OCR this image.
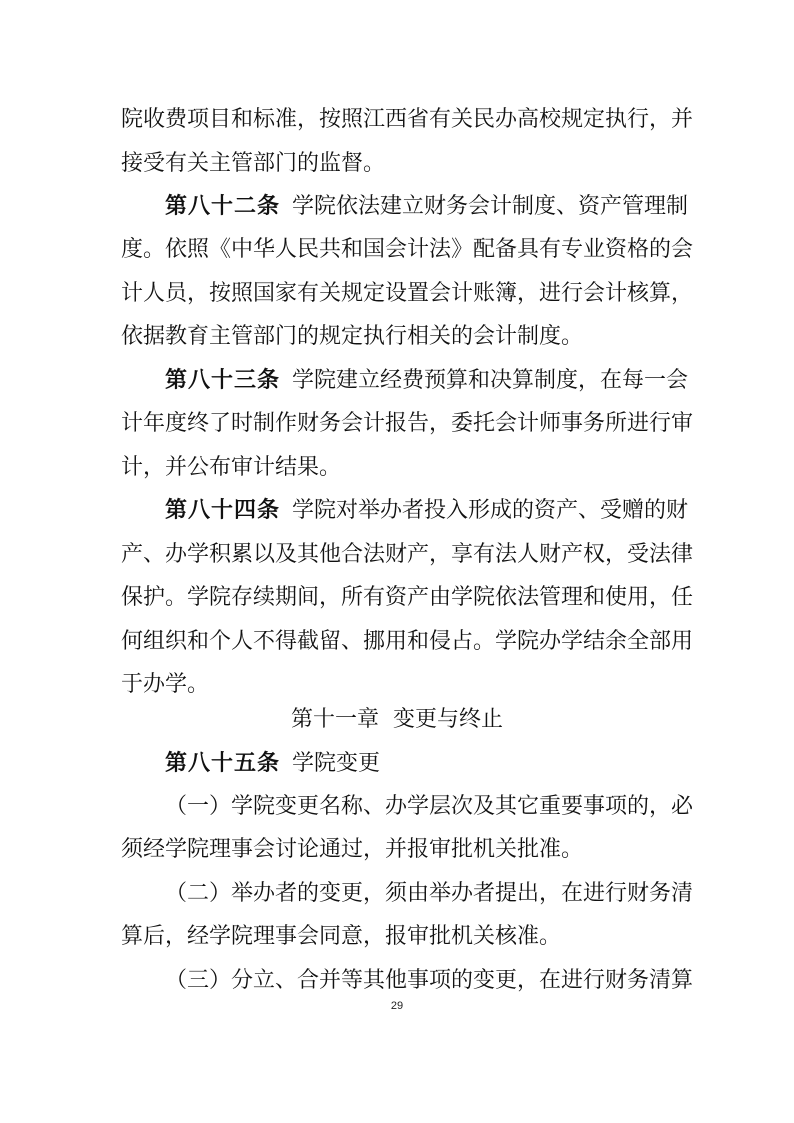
院收费项目和标准，按照江西省有关民办高校规定执行，并
接受有关主管部门的监督。
第八十二条 学院依法建立财务会计制度、资产管理制
度。依照《中华人民共和国会计法》配备具有专业资格的会
计人员，按照国家有关规定设置会计账簿，进行会计核算，
依据教育主管部门的规定执行相关的会计制度。
第八十三条 学院建立经费预算和决算制度，在每一会
计年度终了时制作财务会计报告，委托会计师事务所进行审
计，并公布审计结果。
第八十四条 学院对举办者投入形成的资产、受赠的财
产、办学积累以及其他合法财产，享有法人财产权，受法律
保护。学院存续期间，所有资产由学院依法管理和使用，任
何组织和个人不得截留、挪用和侵占。学院办学结余全部用
于办学。
第十一章 变更与终止
第八十五条 学院变更
（一）学院变更名称、办学层次及其它重要事项的，必
须经学院理事会讨论通过，并报审批机关批准。
（二）举办者的变更，须由举办者提出，在进行财务清
算后，经学院理事会同意，报审批机关核准。
（三）分立、合并等其他事项的变更，在进行财务清算
29
